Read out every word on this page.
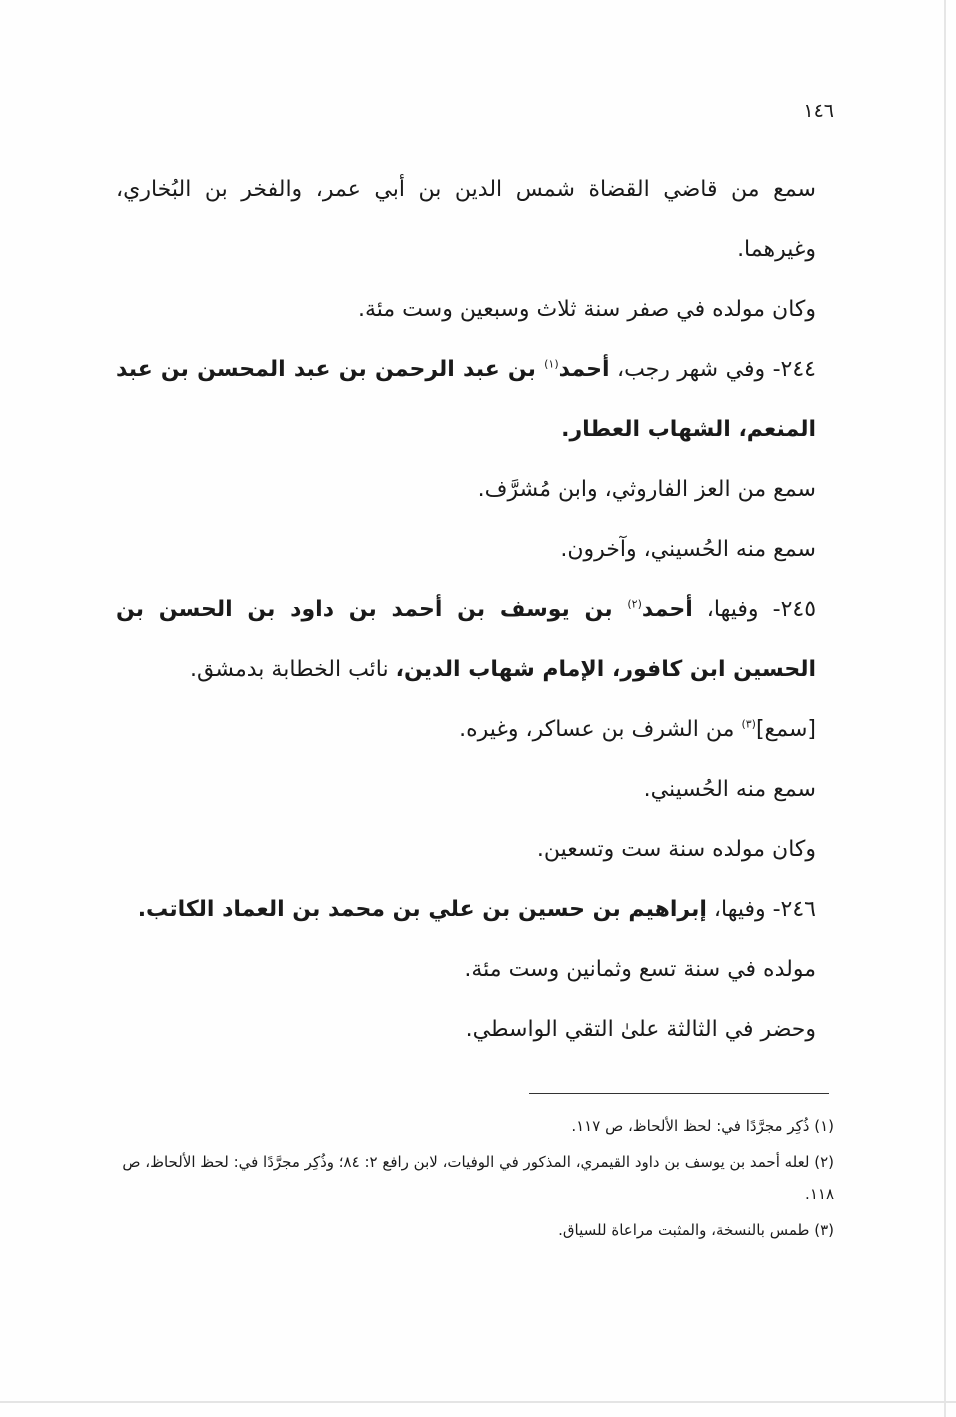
١٤٦

سمع من قاضي القضاة شمس الدين بن أبي عمر، والفخر بن البُخاري، وغيرهما.

وكان مولده في صفر سنة ثلاث وسبعين وست مئة.

٢٤٤- وفي شهر رجب، أحمد$^{(١)}$ بن عبد الرحمن بن عبد المحسن بن عبد المنعم، الشهاب العطار.

سمع من العز الفاروثي، وابن مُشرَّف.

سمع منه الحُسيني، وآخرون.

٢٤٥- وفيها، أحمد$^{(٢)}$ بن يوسف بن أحمد بن داود بن الحسن بن الحسين ابن كافور، الإمام شهاب الدين، نائب الخطابة بدمشق.

[سمع]$^{(٣)}$ من الشرف بن عساكر، وغيره.

سمع منه الحُسيني.

وكان مولده سنة ست وتسعين.

٢٤٦- وفيها، إبراهيم بن حسين بن علي بن محمد بن العماد الكاتب.

مولده في سنة تسع وثمانين وست مئة.

وحضر في الثالثة علىٰ التقي الواسطي.

(١) ذُكِر مجرَّدًا في: لحظ الألحاظ، ص ١١٧.

(٢) لعله أحمد بن يوسف بن داود القيمري، المذكور في الوفيات، لابن رافع ٢: ٨٤؛ وذُكِر مجرَّدًا في: لحظ الألحاظ، ص ١١٨.

(٣) طمس بالنسخة، والمثبت مراعاة للسياق.
